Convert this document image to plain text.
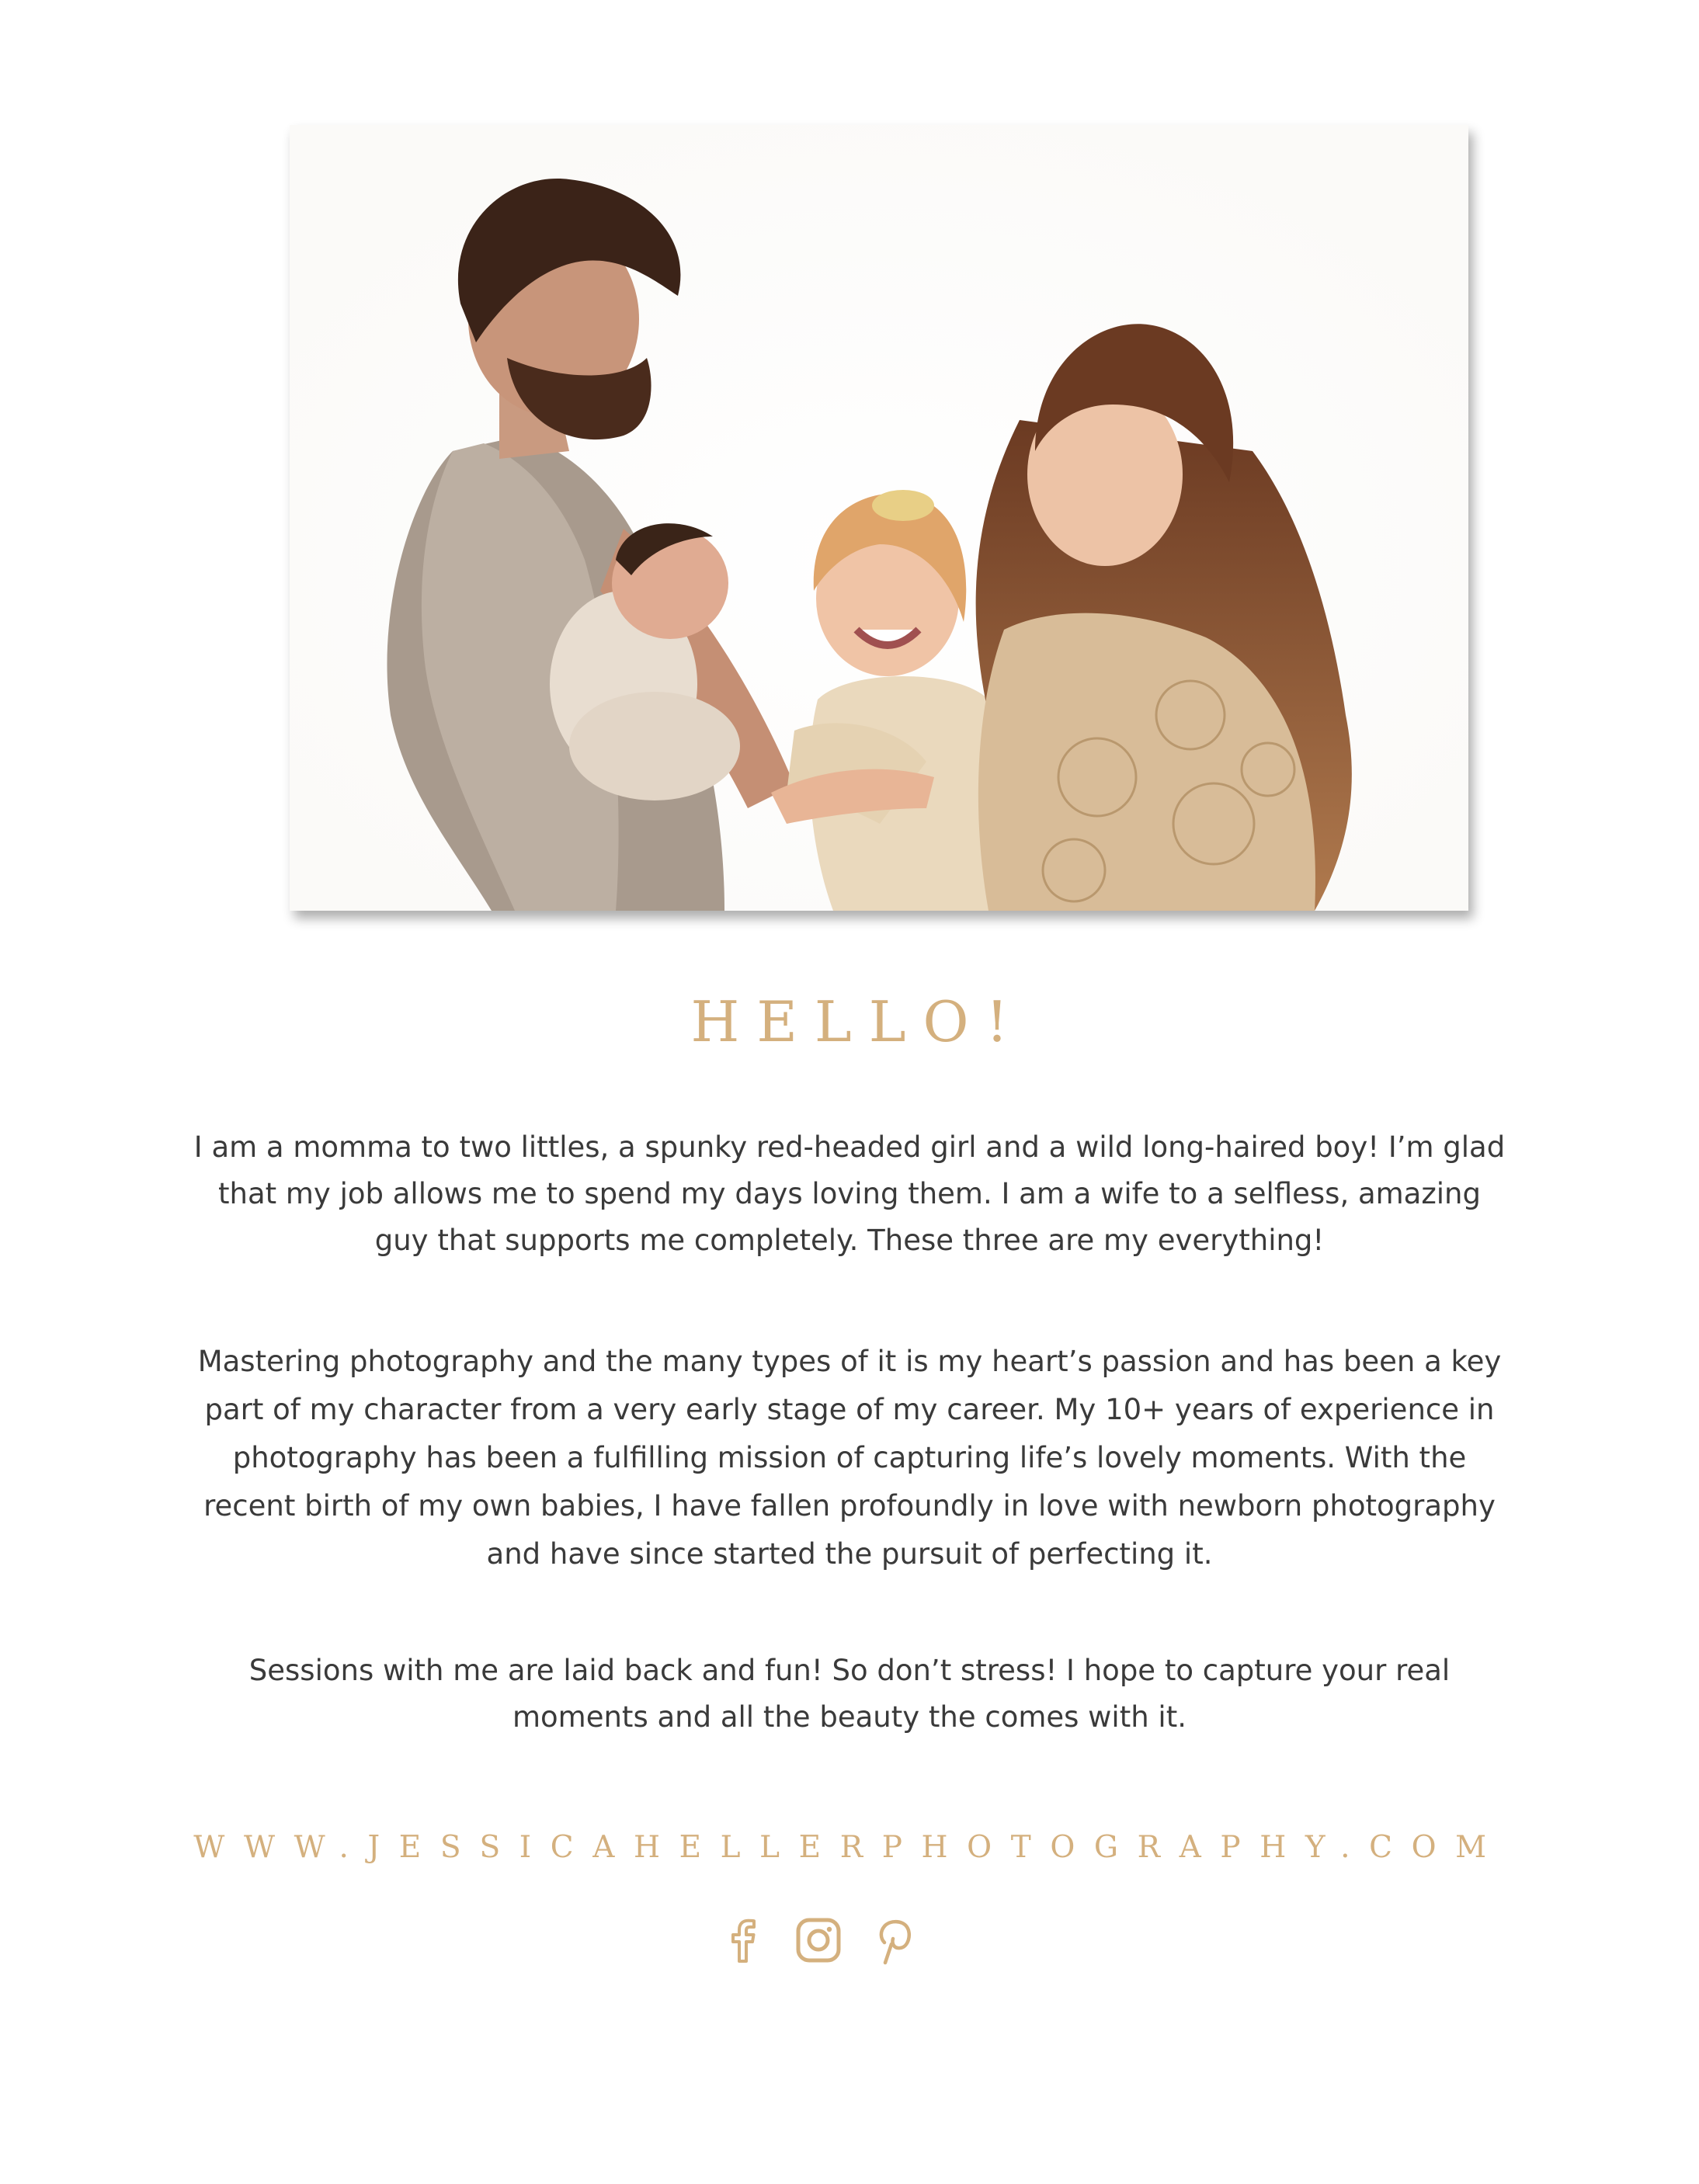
HELLO!

I am a momma to two littles, a spunky red-headed girl and a wild long-haired boy! I’m glad that my job allows me to spend my days loving them. I am a wife to a selfless, amazing guy that supports me completely. These three are my everything!

Mastering photography and the many types of it is my heart’s passion and has been a key part of my character from a very early stage of my career. My 10+ years of experience in photography has been a fulfilling mission of capturing life’s lovely moments. With the recent birth of my own babies, I have fallen profoundly in love with newborn photography and have since started the pursuit of perfecting it.

Sessions with me are laid back and fun! So don’t stress! I hope to capture your real moments and all the beauty the comes with it.

WWW.JESSICAHELLERPHOTOGRAPHY.COM
